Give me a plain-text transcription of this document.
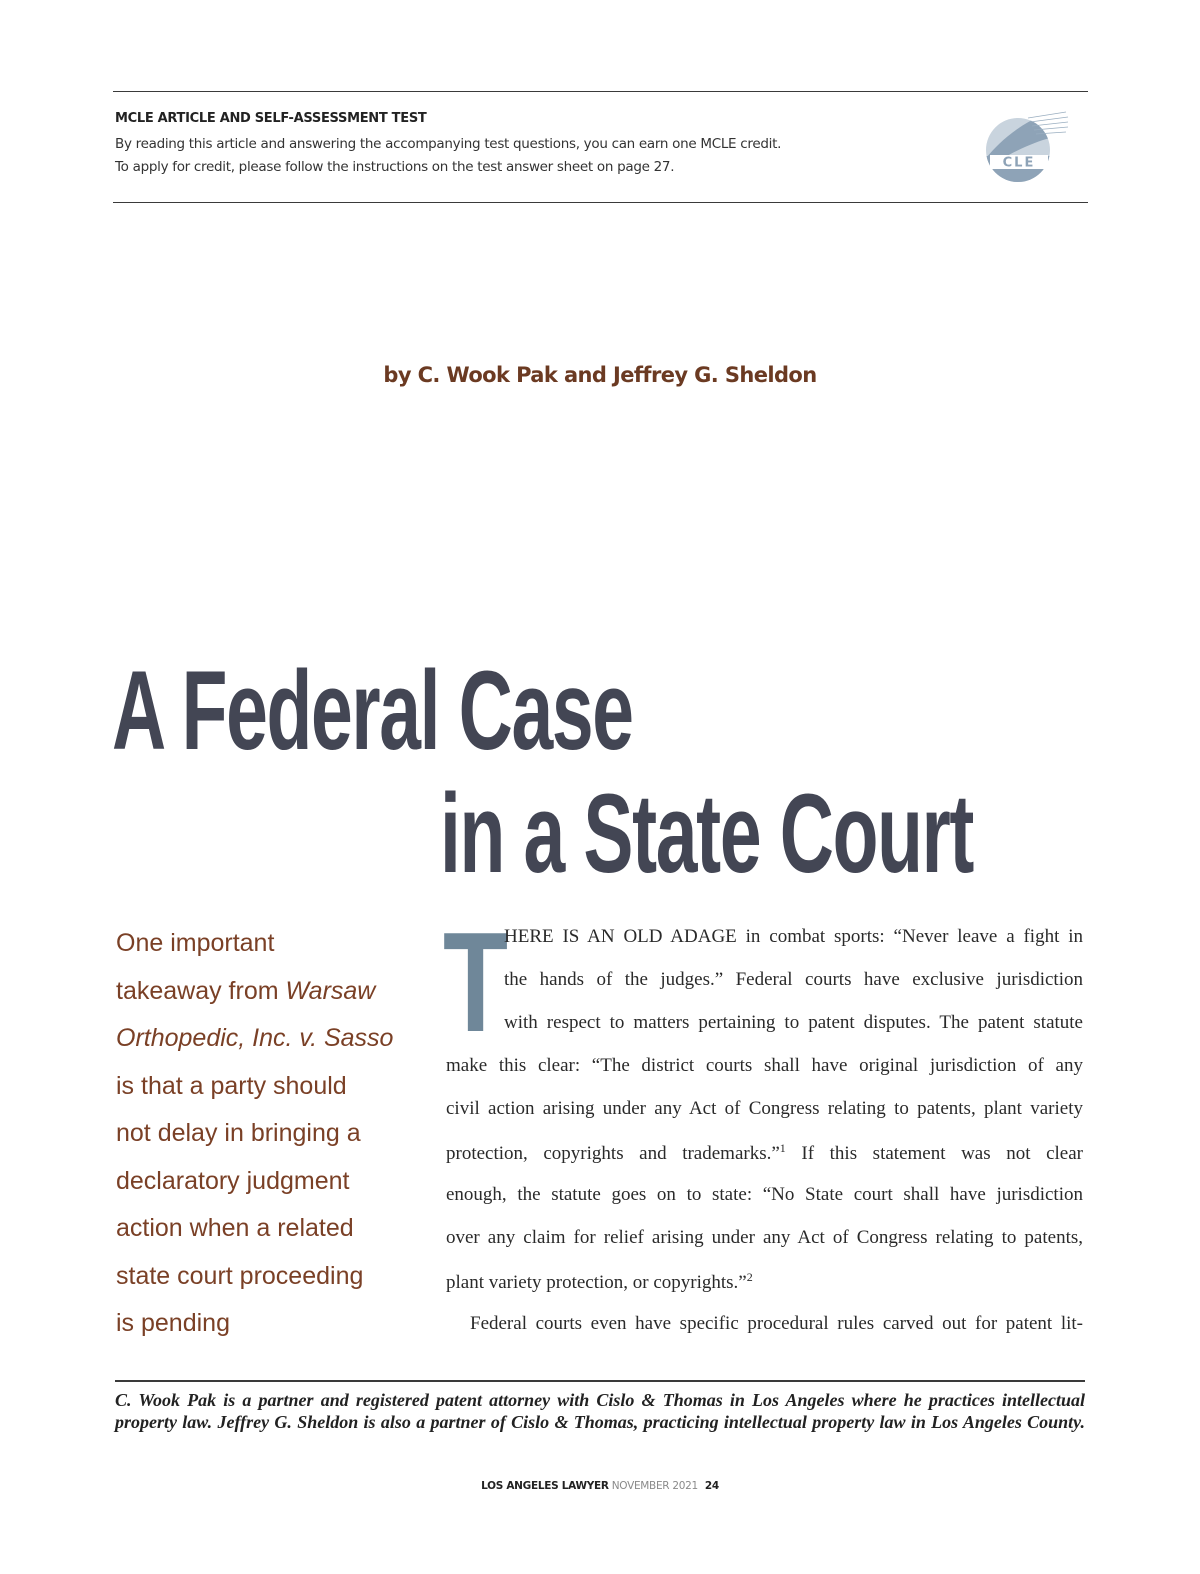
MCLE ARTICLE AND SELF-ASSESSMENT TEST
By reading this article and answering the accompanying test questions, you can earn one MCLE credit.
To apply for credit, please follow the instructions on the test answer sheet on page 27.	CLE
by C. Wook Pak and Jeffrey G. Sheldon
A Federal Case
in a State Court
One important
takeaway from Warsaw
Orthopedic, Inc. v. Sasso
is that a party should
not delay in bringing a
declaratory judgment
action when a related
state court proceeding
is pending
T
HERE IS AN OLD ADAGE in combat sports: “Never leave a fight in
the hands of the judges.” Federal courts have exclusive jurisdiction
with respect to matters pertaining to patent disputes. The patent statute
make this clear: “The district courts shall have original jurisdiction of any
civil action arising under any Act of Congress relating to patents, plant variety
protection, copyrights and trademarks.”$^1$ If this statement was not clear
enough, the statute goes on to state: “No State court shall have jurisdiction
over any claim for relief arising under any Act of Congress relating to patents,
plant variety protection, or copyrights.”$^2$
Federal courts even have specific procedural rules carved out for patent lit-
C. Wook Pak is a partner and registered patent attorney with Cislo & Thomas in Los Angeles where he practices intellectual
property law. Jeffrey G. Sheldon is also a partner of Cislo & Thomas, practicing intellectual property law in Los Angeles County.
LOS ANGELES LAWYER NOVEMBER 2021 24
